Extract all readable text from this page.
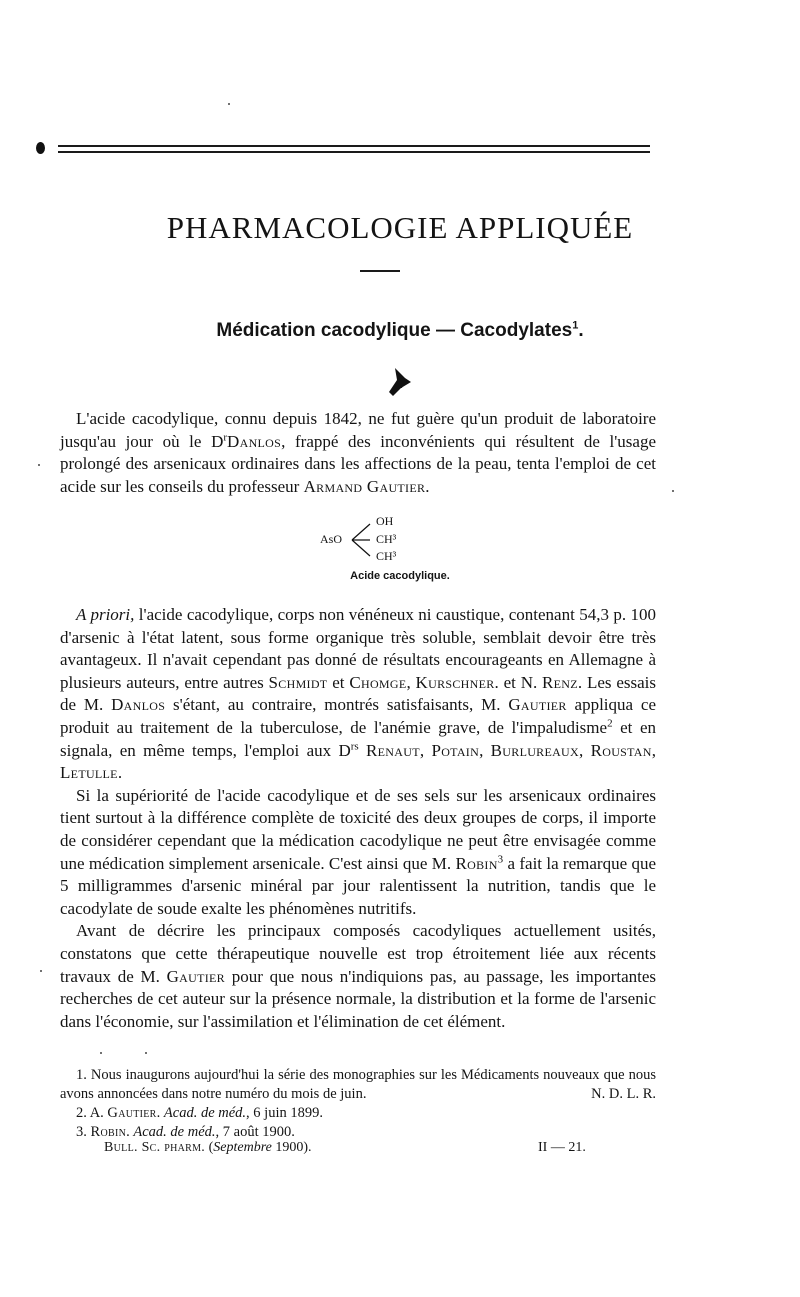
PHARMACOLOGIE APPLIQUÉE
Médication cacodylique — Cacodylates$^1$.

L'acide cacodylique, connu depuis 1842, ne fut guère qu'un produit de laboratoire jusqu'au jour où le D$^r$Danlos, frappé des inconvénients qui résultent de l'usage prolongé des arsenicaux ordinaires dans les affections de la peau, tenta l'emploi de cet acide sur les conseils du professeur Armand Gautier.

AsO
OH
CH³
CH³
Acide cacodylique.

A priori, l'acide cacodylique, corps non vénéneux ni caustique, contenant 54,3 p. 100 d'arsenic à l'état latent, sous forme organique très soluble, semblait devoir être très avantageux. Il n'avait cependant pas donné de résultats encourageants en Allemagne à plusieurs auteurs, entre autres Schmidt et Chomge, Kurschner. et N. Renz. Les essais de M. Danlos s'étant, au contraire, montrés satisfaisants, M. Gautier appliqua ce produit au traitement de la tuberculose, de l'anémie grave, de l'impaludisme$^2$ et en signala, en même temps, l'emploi aux D$^{rs}$ Renaut, Potain, Burlureaux, Roustan, Letulle.

Si la supériorité de l'acide cacodylique et de ses sels sur les arsenicaux ordinaires tient surtout à la différence complète de toxicité des deux groupes de corps, il importe de considérer cependant que la médication cacodylique ne peut être envisagée comme une médication simplement arsenicale. C'est ainsi que M. Robin$^3$ a fait la remarque que 5 milligrammes d'arsenic minéral par jour ralentissent la nutrition, tandis que le cacodylate de soude exalte les phénomènes nutritifs.

Avant de décrire les principaux composés cacodyliques actuellement usités, constatons que cette thérapeutique nouvelle est trop étroitement liée aux récents travaux de M. Gautier pour que nous n'indiquions pas, au passage, les importantes recherches de cet auteur sur la présence normale, la distribution et la forme de l'arsenic dans l'économie, sur l'assimilation et l'élimination de cet élément.

1. Nous inaugurons aujourd'hui la série des monographies sur les Médicaments nouveaux que nous avons annoncées dans notre numéro du mois de juin.	N. D. L. R.

2. A. Gautier. Acad. de méd., 6 juin 1899.

3. Robin. Acad. de méd., 7 août 1900.

Bull. Sc. pharm. (Septembre 1900).	II — 21.
